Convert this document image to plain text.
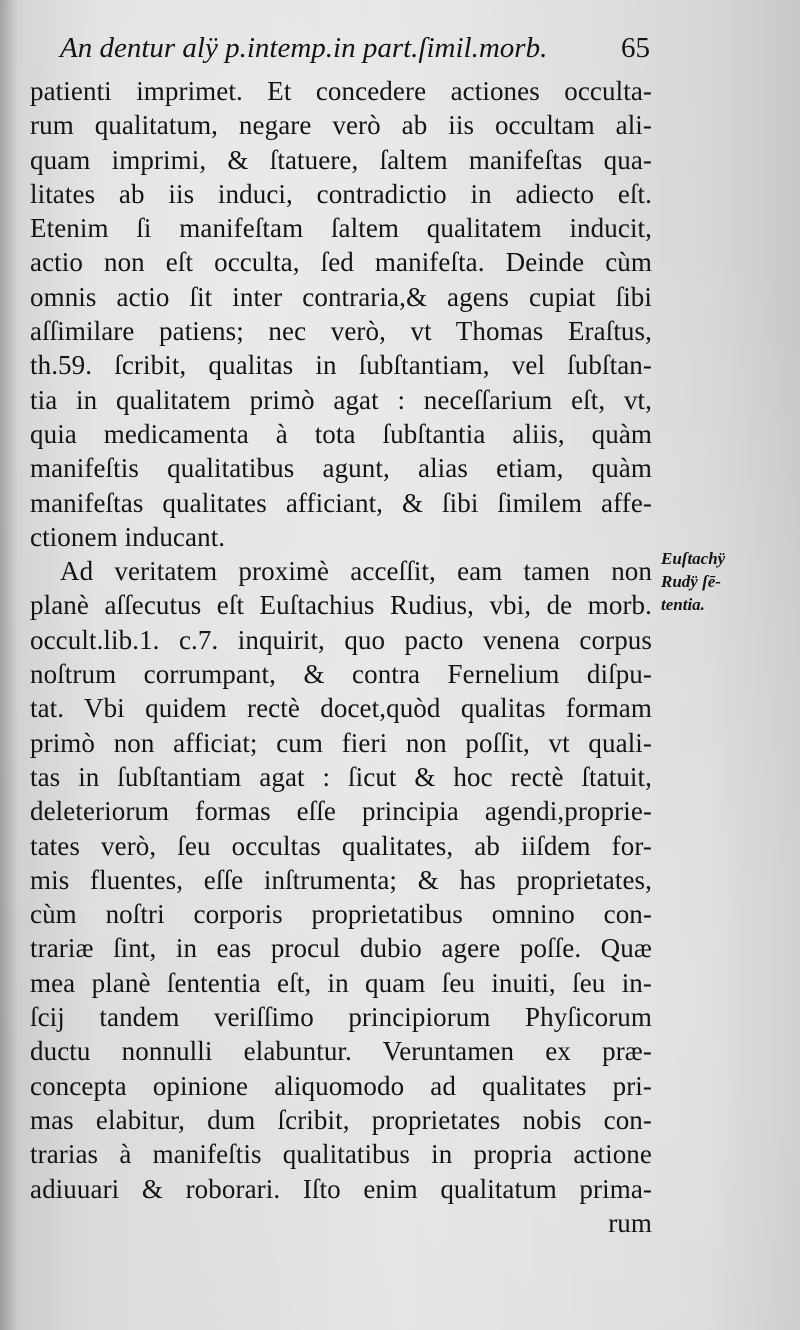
An dentur alÿ p.intemp.in part.ſimil.morb.	65
patienti imprimet. Et concedere actiones occulta-
rum qualitatum, negare verò ab iis occultam ali-
quam imprimi, & ſtatuere, ſaltem manifeſtas qua-
litates ab iis induci, contradictio in adiecto eſt.
Etenim ſi manifeſtam ſaltem qualitatem inducit,
actio non eſt occulta, ſed manifeſta. Deinde cùm
omnis actio ſit inter contraria,& agens cupiat ſibi
aſſimilare patiens; nec verò, vt Thomas Eraſtus,
th.59. ſcribit, qualitas in ſubſtantiam, vel ſubſtan-
tia in qualitatem primò agat : neceſſarium eſt, vt,
quia medicamenta à tota ſubſtantia aliis, quàm
manifeſtis qualitatibus agunt, alias etiam, quàm
manifeſtas qualitates afficiant, & ſibi ſimilem affe-
ctionem inducant.
Ad veritatem proximè acceſſit, eam tamen non
planè aſſecutus eſt Euſtachius Rudius, vbi, de morb.
occult.lib.1. c.7. inquirit, quo pacto venena corpus
noſtrum corrumpant, & contra Fernelium diſpu-
tat. Vbi quidem rectè docet,quòd qualitas formam
primò non afficiat; cum fieri non poſſit, vt quali-
tas in ſubſtantiam agat : ſicut & hoc rectè ſtatuit,
deleteriorum formas eſſe principia agendi,proprie-
tates verò, ſeu occultas qualitates, ab iiſdem for-
mis fluentes, eſſe inſtrumenta; & has proprietates,
cùm noſtri corporis proprietatibus omnino con-
trariæ ſint, in eas procul dubio agere poſſe. Quæ
mea planè ſententia eſt, in quam ſeu inuiti, ſeu in-
ſcij tandem veriſſimo principiorum Phyſicorum
ductu nonnulli elabuntur. Veruntamen ex præ-
concepta opinione aliquomodo ad qualitates pri-
mas elabitur, dum ſcribit, proprietates nobis con-
trarias à manifeſtis qualitatibus in propria actione
adiuuari & roborari. Iſto enim qualitatum prima-
rum
Euſtachÿ
Rudÿ ſē-
tentia.
